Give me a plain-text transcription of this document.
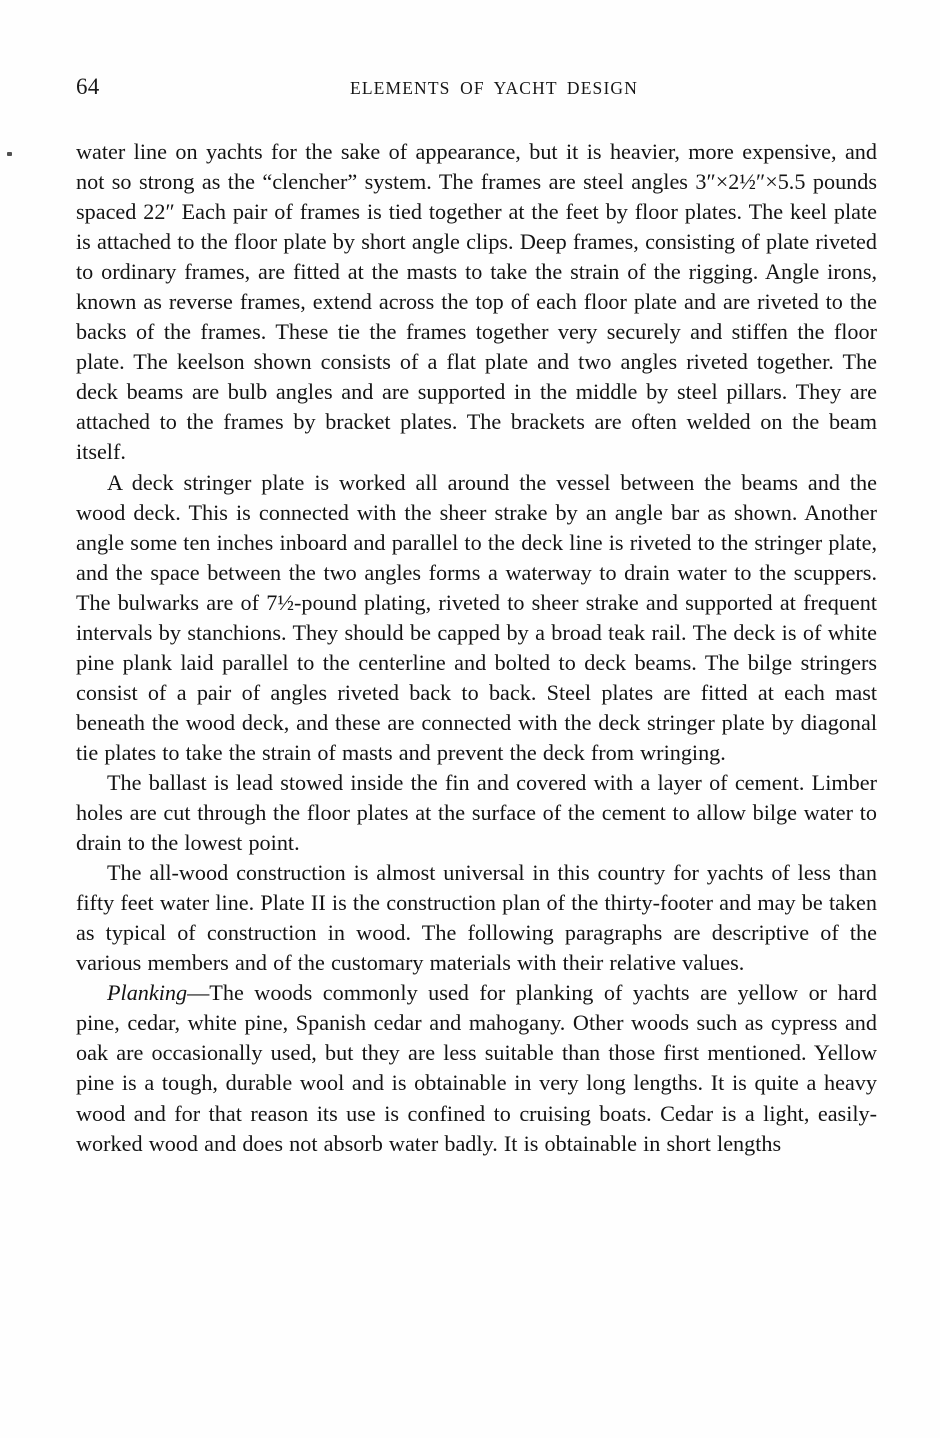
64	ELEMENTS OF YACHT DESIGN

water line on yachts for the sake of appearance, but it is heavier, more expensive, and not so strong as the “clencher” system. The frames are steel angles 3″×2½″×5.5 pounds spaced 22″ Each pair of frames is tied together at the feet by floor plates. The keel plate is attached to the floor plate by short angle clips. Deep frames, consisting of plate riveted to ordinary frames, are fitted at the masts to take the strain of the rigging. Angle irons, known as reverse frames, extend across the top of each floor plate and are riveted to the backs of the frames. These tie the frames together very securely and stiffen the floor plate. The keelson shown consists of a flat plate and two angles riveted together. The deck beams are bulb angles and are supported in the middle by steel pillars. They are attached to the frames by bracket plates. The brackets are often welded on the beam itself.

A deck stringer plate is worked all around the vessel between the beams and the wood deck. This is connected with the sheer strake by an angle bar as shown. Another angle some ten inches inboard and parallel to the deck line is riveted to the stringer plate, and the space between the two angles forms a waterway to drain water to the scuppers. The bulwarks are of 7½-pound plating, riveted to sheer strake and supported at frequent intervals by stanchions. They should be capped by a broad teak rail. The deck is of white pine plank laid parallel to the centerline and bolted to deck beams. The bilge stringers consist of a pair of angles riveted back to back. Steel plates are fitted at each mast beneath the wood deck, and these are connected with the deck stringer plate by diagonal tie plates to take the strain of masts and prevent the deck from wringing.

The ballast is lead stowed inside the fin and covered with a layer of cement. Limber holes are cut through the floor plates at the surface of the cement to allow bilge water to drain to the lowest point.

The all-wood construction is almost universal in this country for yachts of less than fifty feet water line. Plate II is the construction plan of the thirty-footer and may be taken as typical of construction in wood. The following paragraphs are descriptive of the various members and of the customary materials with their relative values.

Planking—The woods commonly used for planking of yachts are yellow or hard pine, cedar, white pine, Spanish cedar and mahogany. Other woods such as cypress and oak are occasionally used, but they are less suitable than those first mentioned. Yellow pine is a tough, durable wool and is obtainable in very long lengths. It is quite a heavy wood and for that reason its use is confined to cruising boats. Cedar is a light, easily-worked wood and does not absorb water badly. It is obtainable in short lengths
